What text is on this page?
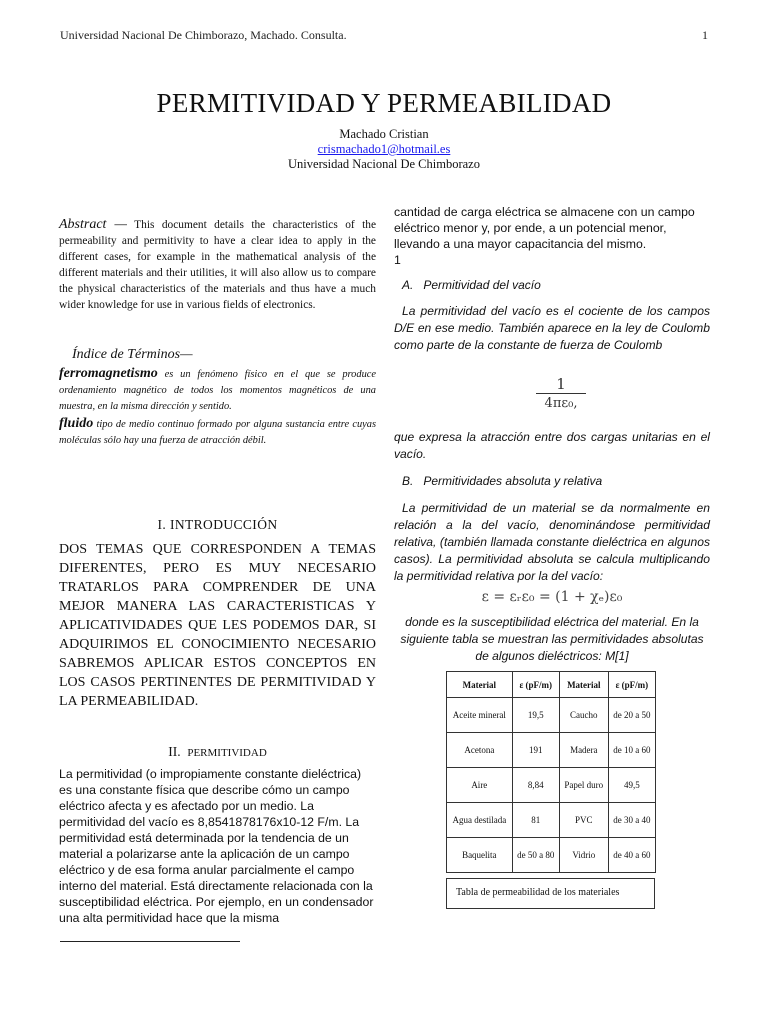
Universidad Nacional De Chimborazo, Machado. Consulta.	1
PERMITIVIDAD Y PERMEABILIDAD
Machado Cristian
crismachado1@hotmail.es
Universidad Nacional De Chimborazo
Abstract — This document details the characteristics of the permeability and permitivity to have a clear idea to apply in the different cases, for example in the mathematical analysis of the different materials and their utilities, it will also allow us to compare the physical characteristics of the materials and thus have a much wider knowledge for use in various fields of electronics.
Índice de Términos—
ferromagnetismo es un fenómeno físico en el que se produce ordenamiento magnético de todos los momentos magnéticos de una muestra, en la misma dirección y sentido.
fluido tipo de medio continuo formado por alguna sustancia entre cuyas moléculas sólo hay una fuerza de atracción débil.
I. INTRODUCCIÓN
DOS TEMAS QUE CORRESPONDEN A TEMAS DIFERENTES, PERO ES MUY NECESARIO TRATARLOS PARA COMPRENDER DE UNA MEJOR MANERA LAS CARACTERISTICAS Y APLICATIVIDADES QUE LES PODEMOS DAR, SI ADQUIRIMOS EL CONOCIMIENTO NECESARIO SABREMOS APLICAR ESTOS CONCEPTOS EN LOS CASOS PERTINENTES DE PERMITIVIDAD Y LA PERMEABILIDAD.
II. PERMITIVIDAD
La permitividad (o impropiamente constante dieléctrica) es una constante física que describe cómo un campo eléctrico afecta y es afectado por un medio. La permitividad del vacío es 8,8541878176x10-12 F/m. La permitividad está determinada por la tendencia de un material a polarizarse ante la aplicación de un campo eléctrico y de esa forma anular parcialmente el campo interno del material. Está directamente relacionada con la susceptibilidad eléctrica. Por ejemplo, en un condensador una alta permitividad hace que la misma
cantidad de carga eléctrica se almacene con un campo eléctrico menor y, por ende, a un potencial menor, llevando a una mayor capacitancia del mismo.
1
A. Permitividad del vacío
La permitividad del vacío es el cociente de los campos D/E en ese medio. También aparece en la ley de Coulomb como parte de la constante de fuerza de Coulomb
$\frac{1}{\text{4πε₀,}}$
que expresa la atracción entre dos cargas unitarias en el vacío.
B. Permitividades absoluta y relativa
La permitividad de un material se da normalmente en relación a la del vacío, denominándose permitividad relativa, (también llamada constante dieléctrica en algunos casos). La permitividad absoluta se calcula multiplicando la permitividad relativa por la del vacío:
ε = εᵣε₀ = (1 + χₑ)ε₀
donde es la susceptibilidad eléctrica del material. En la siguiente tabla se muestran las permitividades absolutas de algunos dieléctricos: M[1]
Material	ε (pF/m)	Material	ε (pF/m)
Aceite mineral	19,5	Caucho	de 20 a 50
Acetona	191	Madera	de 10 a 60
Aire	8,84	Papel duro	49,5
Agua destilada	81	PVC	de 30 a 40
Baquelita	de 50 a 80	Vidrio	de 40 a 60
Tabla de permeabilidad de los materiales
